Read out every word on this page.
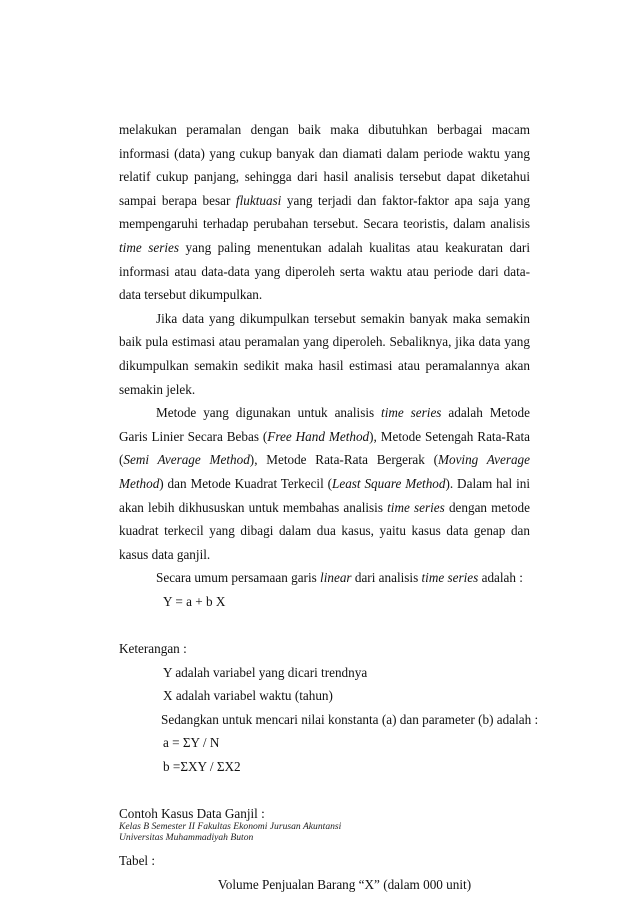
melakukan peramalan dengan baik maka dibutuhkan berbagai macam informasi (data) yang cukup banyak dan diamati dalam periode waktu yang relatif cukup panjang, sehingga dari hasil analisis tersebut dapat diketahui sampai berapa besar fluktuasi yang terjadi dan faktor-faktor apa saja yang mempengaruhi terhadap perubahan tersebut. Secara teoristis, dalam analisis time series yang paling menentukan adalah kualitas atau keakuratan dari informasi atau data-data yang diperoleh serta waktu atau periode dari data-data tersebut dikumpulkan.

Jika data yang dikumpulkan tersebut semakin banyak maka semakin baik pula estimasi atau peramalan yang diperoleh. Sebaliknya, jika data yang dikumpulkan semakin sedikit maka hasil estimasi atau peramalannya akan semakin jelek.

Metode yang digunakan untuk analisis time series adalah Metode Garis Linier Secara Bebas (Free Hand Method), Metode Setengah Rata-Rata (Semi Average Method), Metode Rata-Rata Bergerak (Moving Average Method) dan Metode Kuadrat Terkecil (Least Square Method). Dalam hal ini akan lebih dikhususkan untuk membahas analisis time series dengan metode kuadrat terkecil yang dibagi dalam dua kasus, yaitu kasus data genap dan kasus data ganjil.

Secara umum persamaan garis linear dari analisis time series adalah :

Y = a + b X

Keterangan :

Y adalah variabel yang dicari trendnya

X adalah variabel waktu (tahun)

Sedangkan untuk mencari nilai konstanta (a) dan parameter (b) adalah :

a = ΣY / N

b =ΣXY / ΣX2

Contoh Kasus Data Ganjil :

Tabel :

Volume Penjualan Barang “X” (dalam 000 unit)

Kelas B Semester II Fakultas Ekonomi Jurusan Akuntansi
Universitas Muhammadiyah Buton
